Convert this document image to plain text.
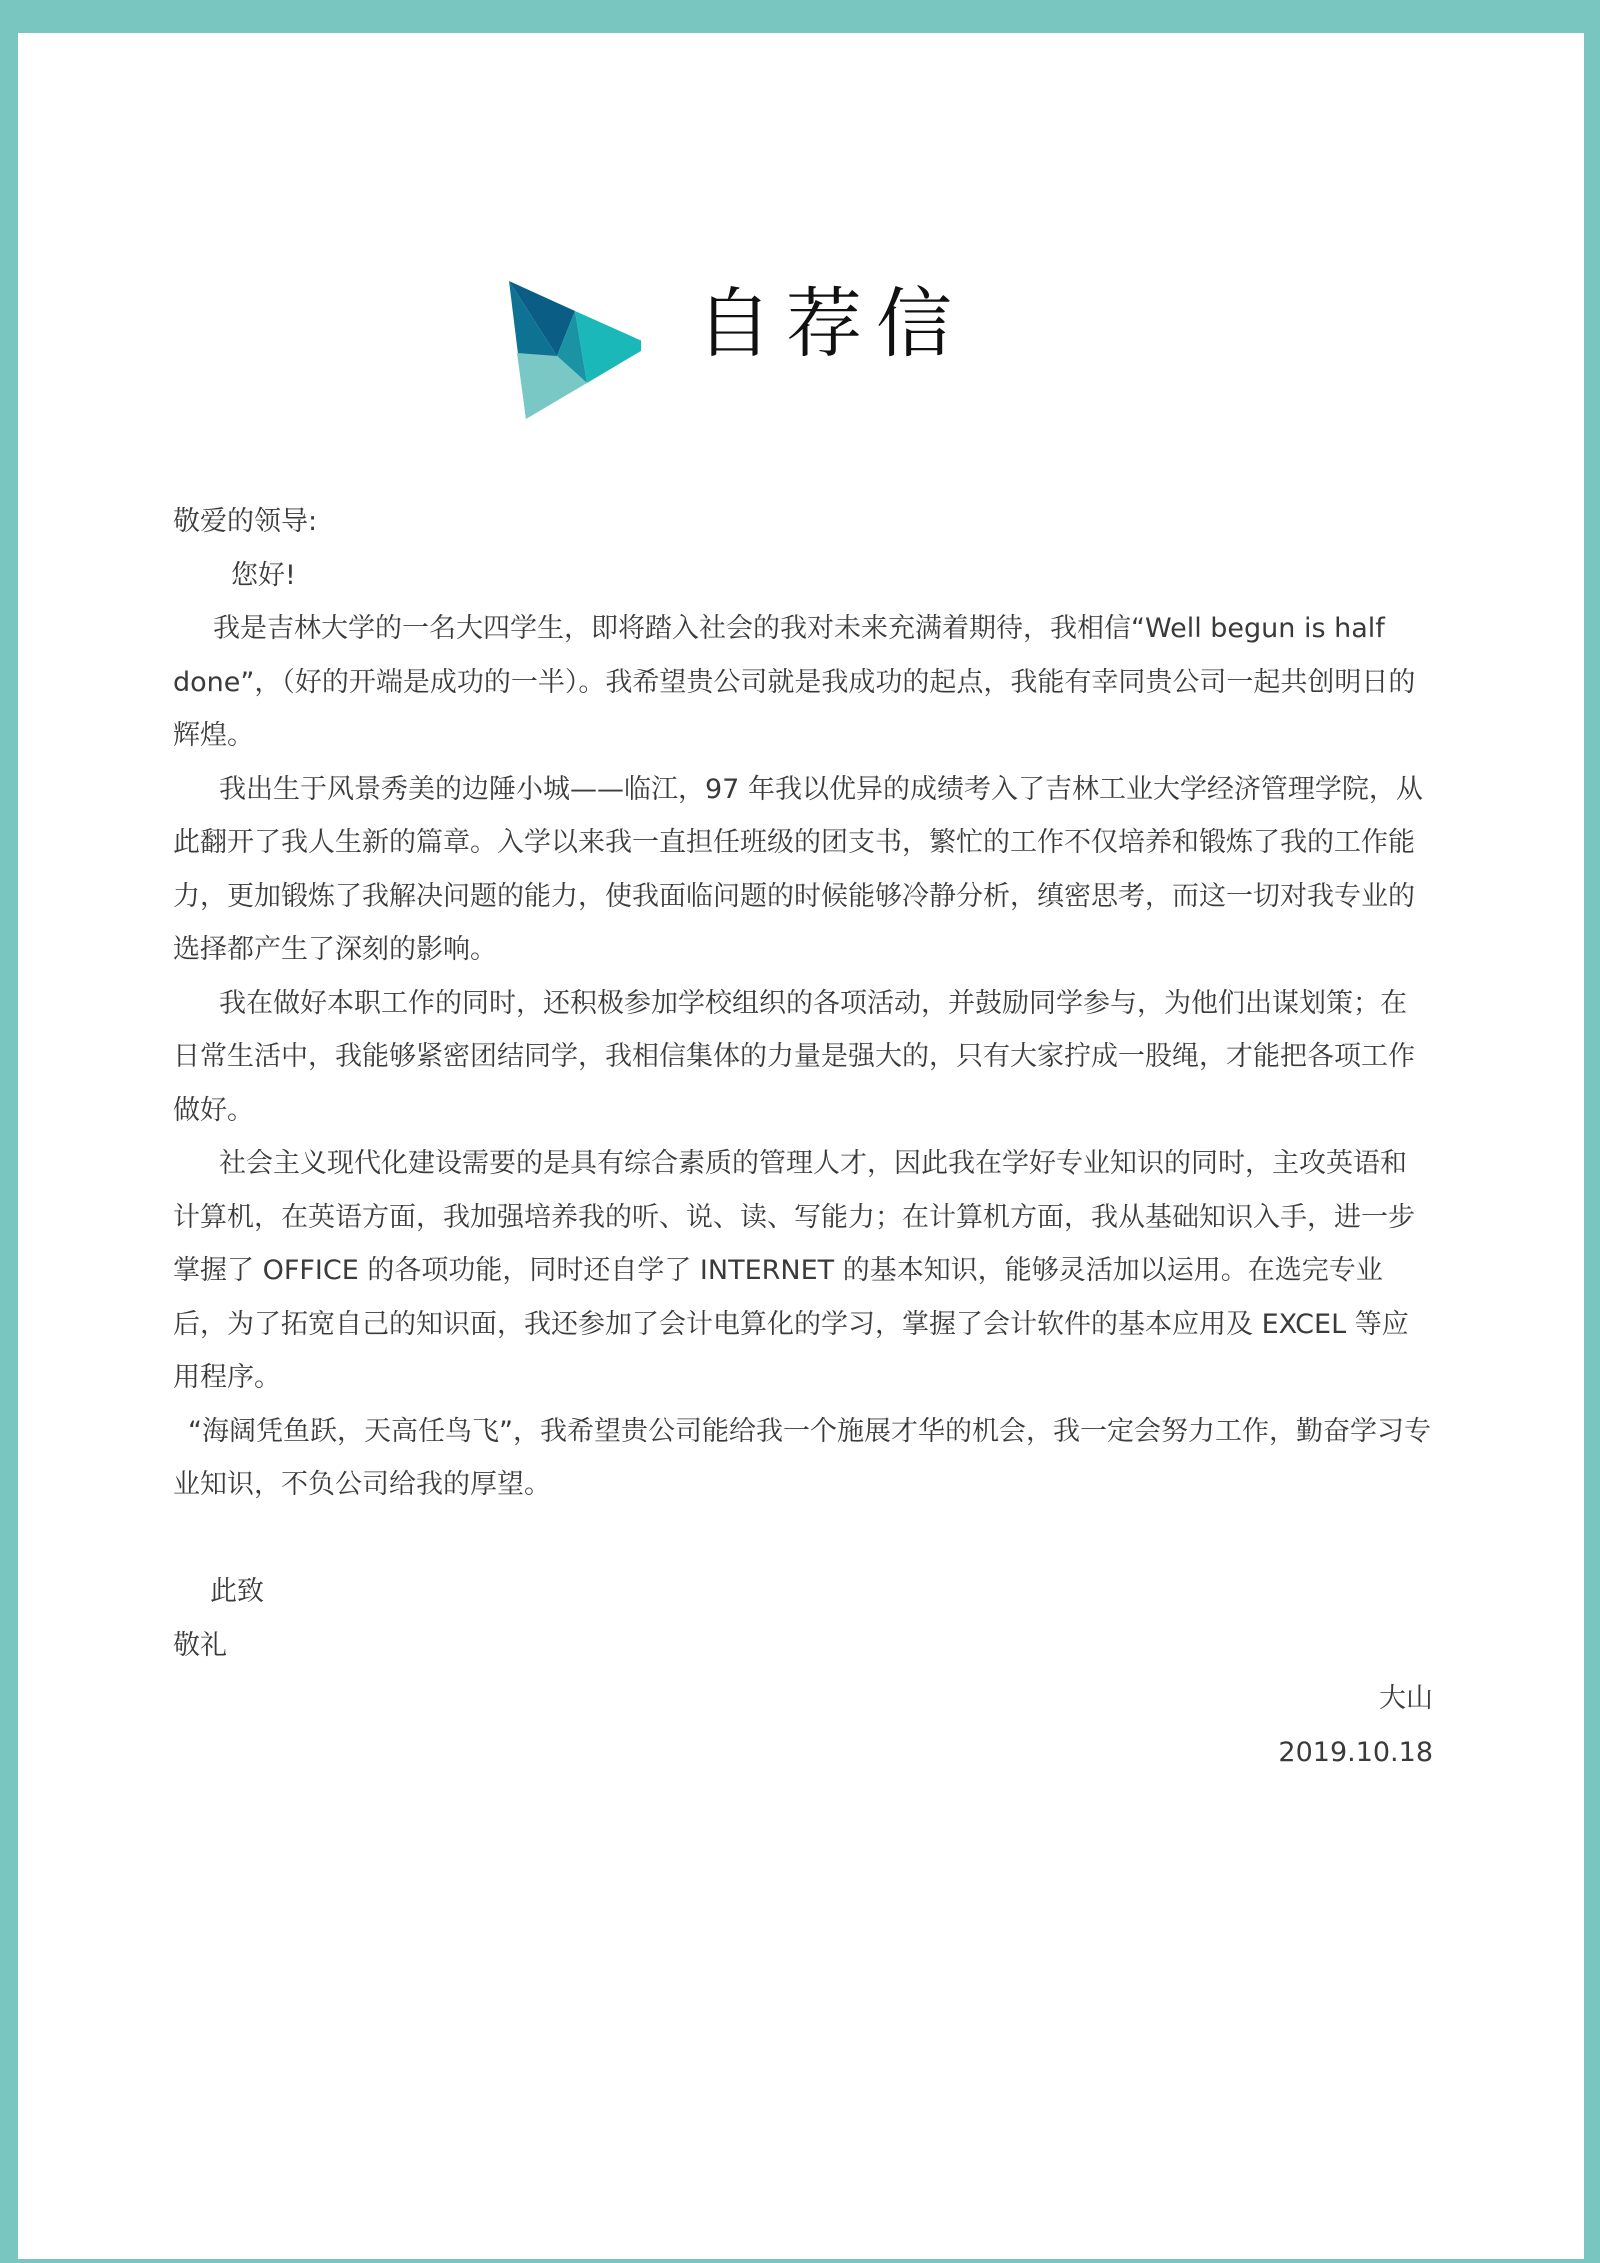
自荐信

敬爱的领导:

您好!

我是吉林大学的一名大四学生，即将踏入社会的我对未来充满着期待，我相信“Well begun is half done”，（好的开端是成功的一半）。我希望贵公司就是我成功的起点，我能有幸同贵公司一起共创明日的辉煌。

我出生于风景秀美的边陲小城——临江，97 年我以优异的成绩考入了吉林工业大学经济管理学院，从此翻开了我人生新的篇章。入学以来我一直担任班级的团支书，繁忙的工作不仅培养和锻炼了我的工作能力，更加锻炼了我解决问题的能力，使我面临问题的时候能够冷静分析，缜密思考，而这一切对我专业的选择都产生了深刻的影响。

我在做好本职工作的同时，还积极参加学校组织的各项活动，并鼓励同学参与，为他们出谋划策；在日常生活中，我能够紧密团结同学，我相信集体的力量是强大的，只有大家拧成一股绳，才能把各项工作做好。

社会主义现代化建设需要的是具有综合素质的管理人才，因此我在学好专业知识的同时，主攻英语和计算机，在英语方面，我加强培养我的听、说、读、写能力；在计算机方面，我从基础知识入手，进一步掌握了 OFFICE 的各项功能，同时还自学了 INTERNET 的基本知识，能够灵活加以运用。在选完专业后，为了拓宽自己的知识面，我还参加了会计电算化的学习，掌握了会计软件的基本应用及 EXCEL 等应用程序。

“海阔凭鱼跃，天高任鸟飞”，我希望贵公司能给我一个施展才华的机会，我一定会努力工作，勤奋学习专业知识，不负公司给我的厚望。

此致

敬礼

大山

2019.10.18
